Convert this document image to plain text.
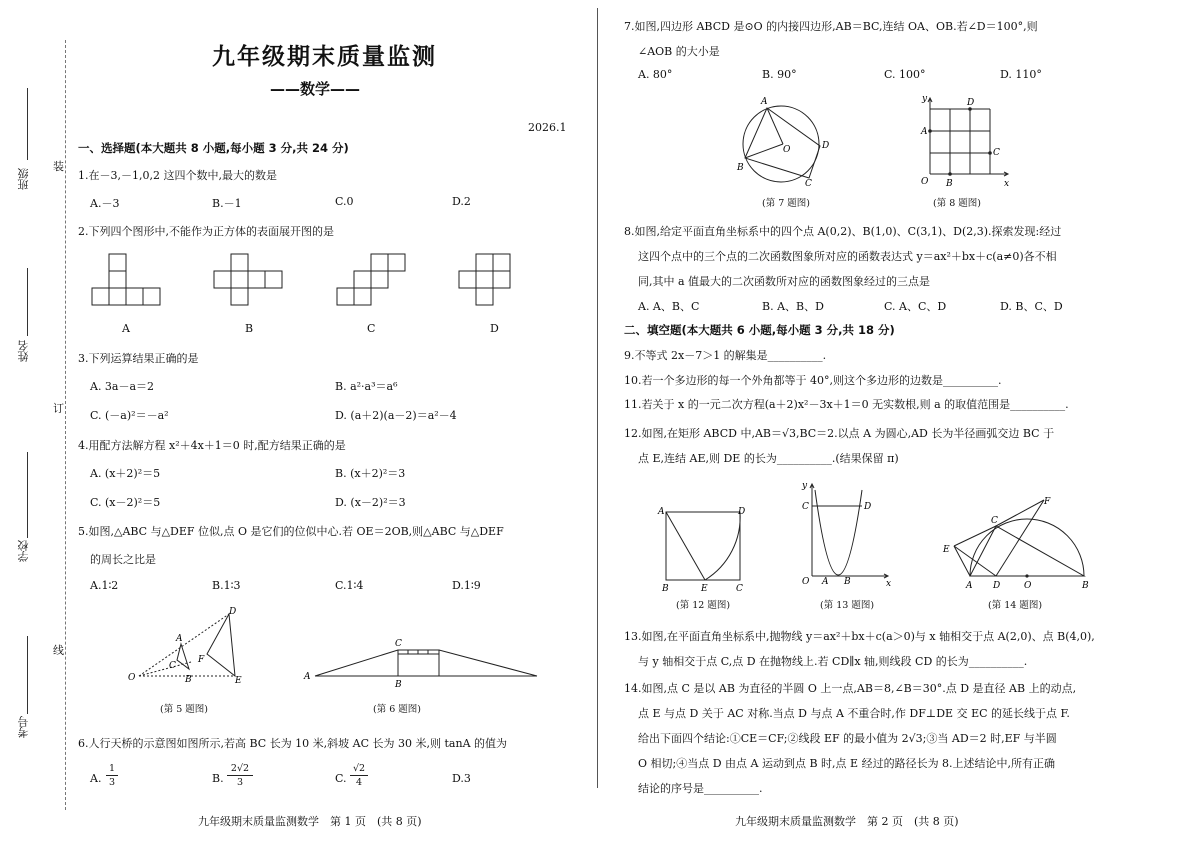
班级
姓名
学校
考号
装
订
线
九年级期末质量监测
——数学——
2026.1
一、选择题(本大题共 8 小题,每小题 3 分,共 24 分)
1.在－3,－1,0,2 这四个数中,最大的数是
A.－3	B.－1	C.0	D.2
2.下列四个图形中,不能作为正方体的表面展开图的是
A	B	C	D
3.下列运算结果正确的是
A. 3a－a＝2	B. a²·a³＝a⁶
C. (－a)²＝－a²	D. (a＋2)(a－2)＝a²－4
4.用配方法解方程 x²＋4x＋1＝0 时,配方结果正确的是
A. (x＋2)²＝5	B. (x＋2)²＝3
C. (x－2)²＝5	D. (x－2)²＝3
5.如图,△ABC 与△DEF 位似,点 O 是它们的位似中心.若 OE＝2OB,则△ABC 与△DEF
的周长之比是
A.1∶2	B.1∶3	C.1∶4	D.1∶9
O
A
B
C
D
E
F
(第 5 题图)
A
B
C
(第 6 题图)
6.人行天桥的示意图如图所示,若高 BC 长为 10 米,斜坡 AC 长为 30 米,则 tanA 的值为
A. $\frac{1}{3}$	B. $\frac{2√2}{3}$	C. $\frac{√2}{4}$	D.3
九年级期末质量监测数学　第 1 页　(共 8 页)
7.如图,四边形 ABCD 是⊙O 的内接四边形,AB＝BC,连结 OA、OB.若∠D＝100°,则
∠AOB 的大小是
A. 80°	B. 90°	C. 100°	D. 110°
A
B
C
D
O
(第 7 题图)
y
x
O
A
B
C
D
(第 8 题图)
8.如图,给定平面直角坐标系中的四个点 A(0,2)、B(1,0)、C(3,1)、D(2,3).探索发现:经过
这四个点中的三个点的二次函数图象所对应的函数表达式 y＝ax²＋bx＋c(a≠0)各不相
同,其中 a 值最大的二次函数所对应的函数图象经过的三点是
A. A、B、C	B. A、B、D	C. A、C、D	D. B、C、D
二、填空题(本大题共 6 小题,每小题 3 分,共 18 分)
9.不等式 2x－7＞1 的解集是__________.
10.若一个多边形的每一个外角都等于 40°,则这个多边形的边数是__________.
11.若关于 x 的一元二次方程(a＋2)x²－3x＋1＝0 无实数根,则 a 的取值范围是__________.
12.如图,在矩形 ABCD 中,AB＝√3,BC＝2.以点 A 为圆心,AD 长为半径画弧交边 BC 于
点 E,连结 AE,则 DE 的长为__________.(结果保留 π)
A
B	C
D
E
(第 12 题图)
y
x
O A B
C	D
(第 13 题图)
A	B
C
D
E
F
O
(第 14 题图)
13.如图,在平面直角坐标系中,抛物线 y＝ax²＋bx＋c(a＞0)与 x 轴相交于点 A(2,0)、点 B(4,0),
与 y 轴相交于点 C,点 D 在抛物线上.若 CD∥x 轴,则线段 CD 的长为__________.
14.如图,点 C 是以 AB 为直径的半圆 O 上一点,AB＝8,∠B＝30°.点 D 是直径 AB 上的动点,
点 E 与点 D 关于 AC 对称.当点 D 与点 A 不重合时,作 DF⊥DE 交 EC 的延长线于点 F.
给出下面四个结论:①CE＝CF;②线段 EF 的最小值为 2√3;③当 AD＝2 时,EF 与半圆
O 相切;④当点 D 由点 A 运动到点 B 时,点 E 经过的路径长为 8.上述结论中,所有正确
结论的序号是__________.
九年级期末质量监测数学　第 2 页　(共 8 页)
